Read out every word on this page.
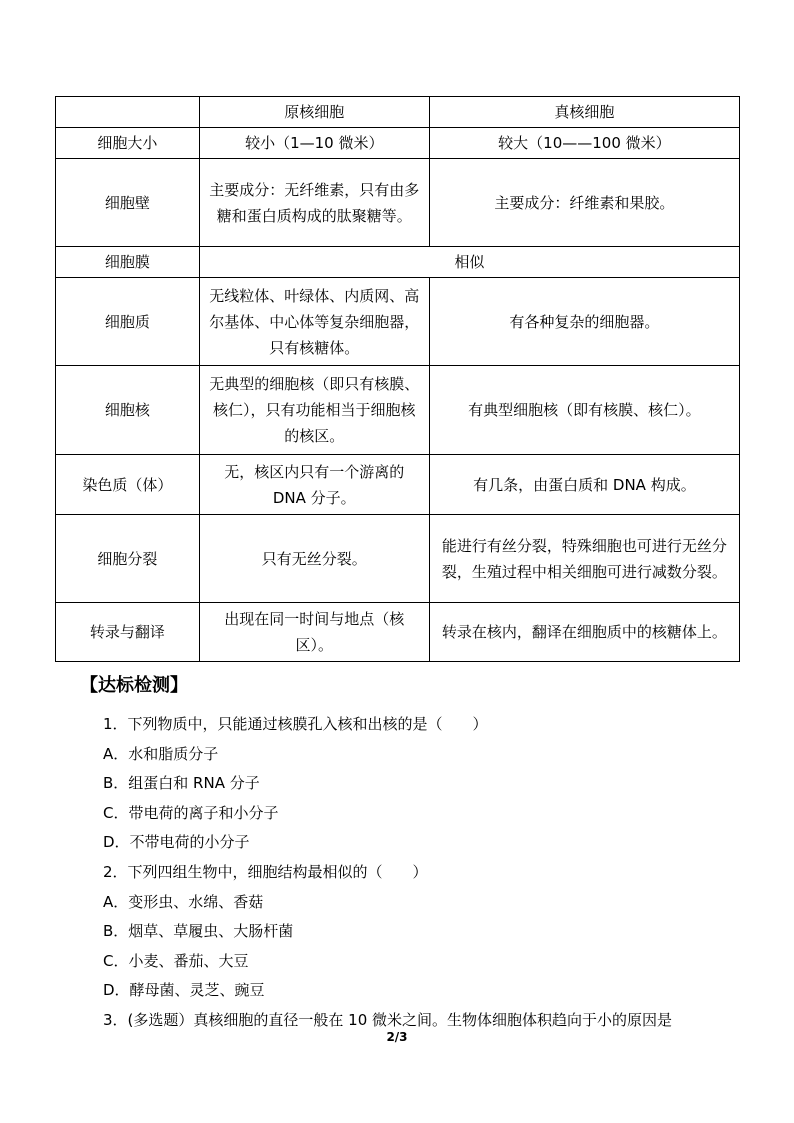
	原核细胞	真核细胞
细胞大小	较小（1—10 微米）	较大（10——100 微米）
细胞壁	主要成分：无纤维素，只有由多糖和蛋白质构成的肽聚糖等。	主要成分：纤维素和果胶。
细胞膜	相似	
细胞质	无线粒体、叶绿体、内质网、高尔基体、中心体等复杂细胞器，只有核糖体。	有各种复杂的细胞器。
细胞核	无典型的细胞核（即只有核膜、核仁），只有功能相当于细胞核的核区。	有典型细胞核（即有核膜、核仁）。
染色质（体）	无，核区内只有一个游离的 DNA 分子。	有几条，由蛋白质和 DNA 构成。
细胞分裂	只有无丝分裂。	能进行有丝分裂，特殊细胞也可进行无丝分裂，生殖过程中相关细胞可进行减数分裂。
转录与翻译	出现在同一时间与地点（核区）。	转录在核内，翻译在细胞质中的核糖体上。
【达标检测】
1．下列物质中，只能通过核膜孔入核和出核的是（　　）
A．水和脂质分子
B．组蛋白和 RNA 分子
C．带电荷的离子和小分子
D．不带电荷的小分子
2．下列四组生物中，细胞结构最相似的（　　）
A．变形虫、水绵、香菇
B．烟草、草履虫、大肠杆菌
C．小麦、番茄、大豆
D．酵母菌、灵芝、豌豆
3．(多选题）真核细胞的直径一般在 10 微米之间。生物体细胞体积趋向于小的原因是
2/3
